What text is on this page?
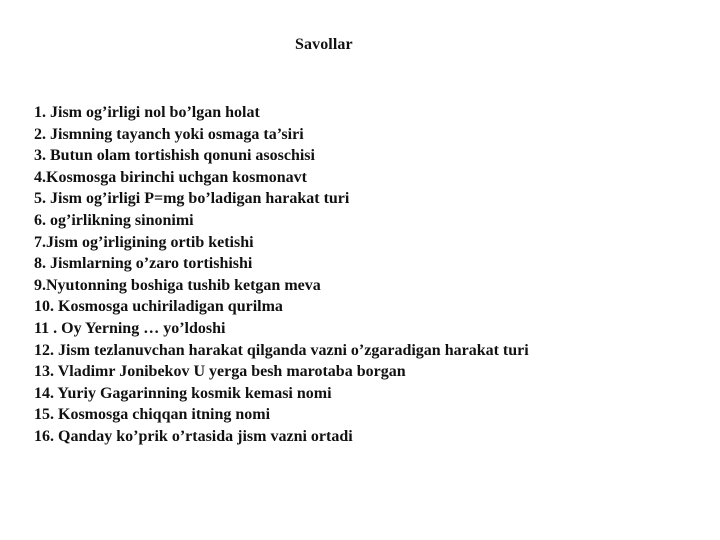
Savollar
1. Jism og’irligi nol bo’lgan holat
2. Jismning tayanch yoki osmaga ta’siri
3. Butun olam tortishish qonuni asoschisi
4.Kosmosga birinchi uchgan kosmonavt
5. Jism og’irligi P=mg bo’ladigan harakat turi
6. og’irlikning sinonimi
7.Jism og’irligining ortib ketishi
8. Jismlarning o’zaro tortishishi
9.Nyutonning boshiga tushib ketgan meva
10. Kosmosga uchiriladigan qurilma
11 . Oy Yerning … yo’ldoshi
12. Jism tezlanuvchan harakat qilganda vazni o’zgaradigan harakat turi
13. Vladimr Jonibekov U yerga besh marotaba borgan
14. Yuriy Gagarinning kosmik kemasi nomi
15. Kosmosga chiqqan itning nomi
16. Qanday ko’prik o’rtasida jism vazni ortadi
